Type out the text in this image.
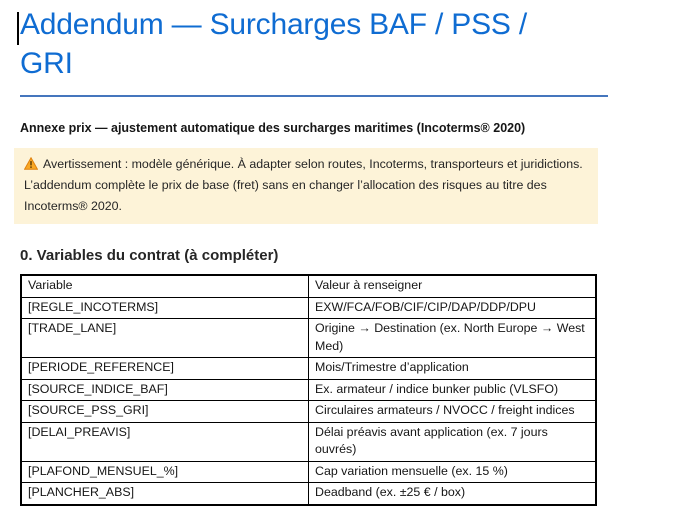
Addendum — Surcharges BAF / PSS / GRI

Annexe prix — ajustement automatique des surcharges maritimes (Incoterms® 2020)

Avertissement : modèle générique. À adapter selon routes, Incoterms, transporteurs et juridictions. L’addendum complète le prix de base (fret) sans en changer l’allocation des risques au titre des Incoterms® 2020.
0. Variables du contrat (à compléter)
Variable	Valeur à renseigner
[REGLE_INCOTERMS]	EXW/FCA/FOB/CIF/CIP/DAP/DDP/DPU
[TRADE_LANE]	Origine → Destination (ex. North Europe → West Med)
[PERIODE_REFERENCE]	Mois/Trimestre d’application
[SOURCE_INDICE_BAF]	Ex. armateur / indice bunker public (VLSFO)
[SOURCE_PSS_GRI]	Circulaires armateurs / NVOCC / freight indices
[DELAI_PREAVIS]	Délai préavis avant application (ex. 7 jours ouvrés)
[PLAFOND_MENSUEL_%]	Cap variation mensuelle (ex. 15 %)
[PLANCHER_ABS]	Deadband (ex. ±25 € / box)
